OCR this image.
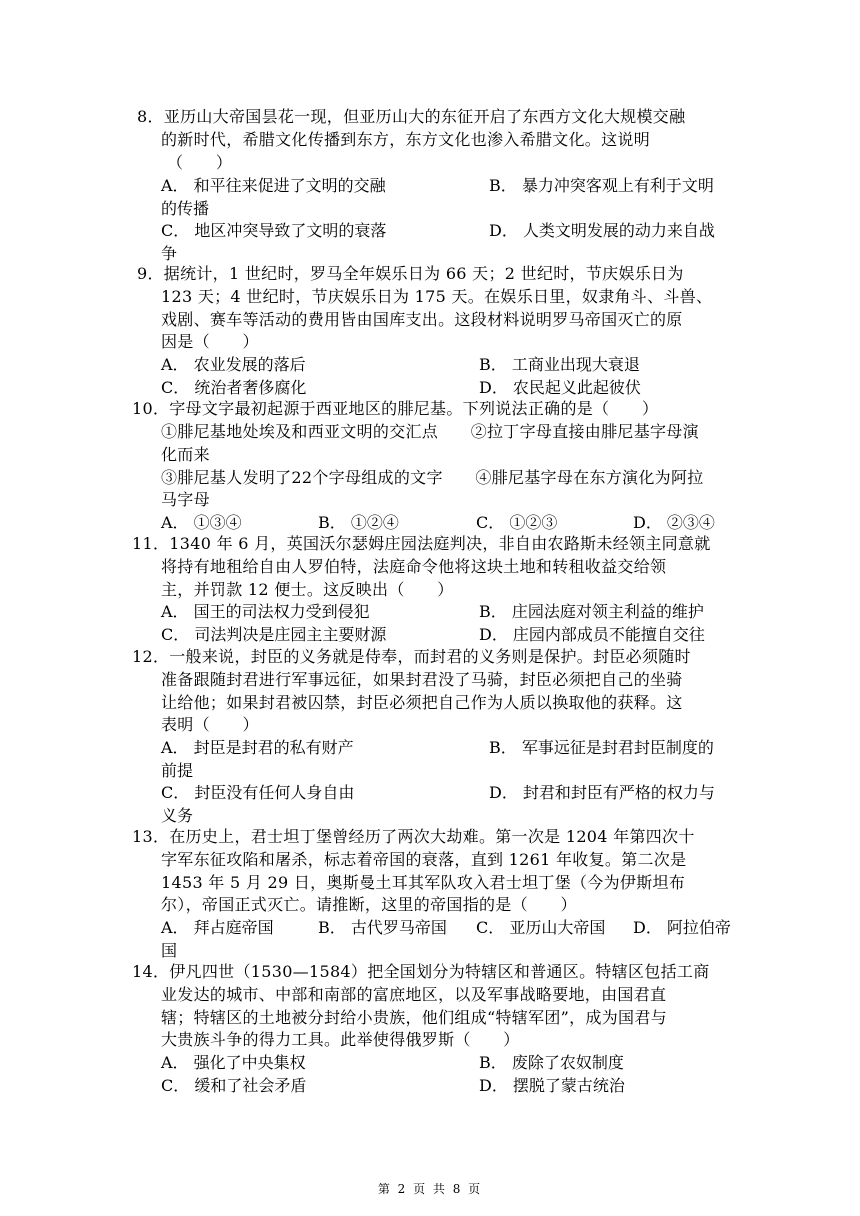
8．亚历山大帝国昙花一现，但亚历山大的东征开启了东西方文化大规模交融
的新时代，希腊文化传播到东方，东方文化也渗入希腊文化。这说明
（　　）
A． 和平往来促进了文明的交融	B． 暴力冲突客观上有利于文明
的传播
C． 地区冲突导致了文明的衰落	D． 人类文明发展的动力来自战
争
9．据统计，1 世纪时，罗马全年娱乐日为 66 天；2 世纪时，节庆娱乐日为
123 天；4 世纪时，节庆娱乐日为 175 天。在娱乐日里，奴隶角斗、斗兽、
戏剧、赛车等活动的费用皆由国库支出。这段材料说明罗马帝国灭亡的原
因是（　　）
A． 农业发展的落后	B． 工商业出现大衰退
C． 统治者奢侈腐化	D． 农民起义此起彼伏
10．字母文字最初起源于西亚地区的腓尼基。下列说法正确的是（　　）
①腓尼基地处埃及和西亚文明的交汇点　　②拉丁字母直接由腓尼基字母演
化而来
③腓尼基人发明了22个字母组成的文字　　④腓尼基字母在东方演化为阿拉
马字母
A． ①③④	B． ①②④	C． ①②③	D． ②③④
11．1340 年 6 月，英国沃尔瑟姆庄园法庭判决，非自由农路斯未经领主同意就
将持有地租给自由人罗伯特，法庭命令他将这块土地和转租收益交给领
主，并罚款 12 便士。这反映出（　　）
A． 国王的司法权力受到侵犯	B． 庄园法庭对领主利益的维护
C． 司法判决是庄园主主要财源	D． 庄园内部成员不能擅自交往
12．一般来说，封臣的义务就是侍奉，而封君的义务则是保护。封臣必须随时
准备跟随封君进行军事远征，如果封君没了马骑，封臣必须把自己的坐骑
让给他；如果封君被囚禁，封臣必须把自己作为人质以换取他的获释。这
表明（　　）
A． 封臣是封君的私有财产	B． 军事远征是封君封臣制度的
前提
C． 封臣没有任何人身自由	D． 封君和封臣有严格的权力与
义务
13．在历史上，君士坦丁堡曾经历了两次大劫难。第一次是 1204 年第四次十
字军东征攻陷和屠杀，标志着帝国的衰落，直到 1261 年收复。第二次是
1453 年 5 月 29 日，奥斯曼土耳其军队攻入君士坦丁堡（今为伊斯坦布
尔），帝国正式灭亡。请推断，这里的帝国指的是（　　）
A． 拜占庭帝国	B． 古代罗马帝国 C． 亚历山大帝国 D． 阿拉伯帝
国
14．伊凡四世（1530—1584）把全国划分为特辖区和普通区。特辖区包括工商
业发达的城市、中部和南部的富庶地区，以及军事战略要地，由国君直
辖；特辖区的土地被分封给小贵族，他们组成“特辖军团”，成为国君与
大贵族斗争的得力工具。此举使得俄罗斯（　　）
A． 强化了中央集权	B． 废除了农奴制度
C． 缓和了社会矛盾	D． 摆脱了蒙古统治
第 2 页 共 8 页
